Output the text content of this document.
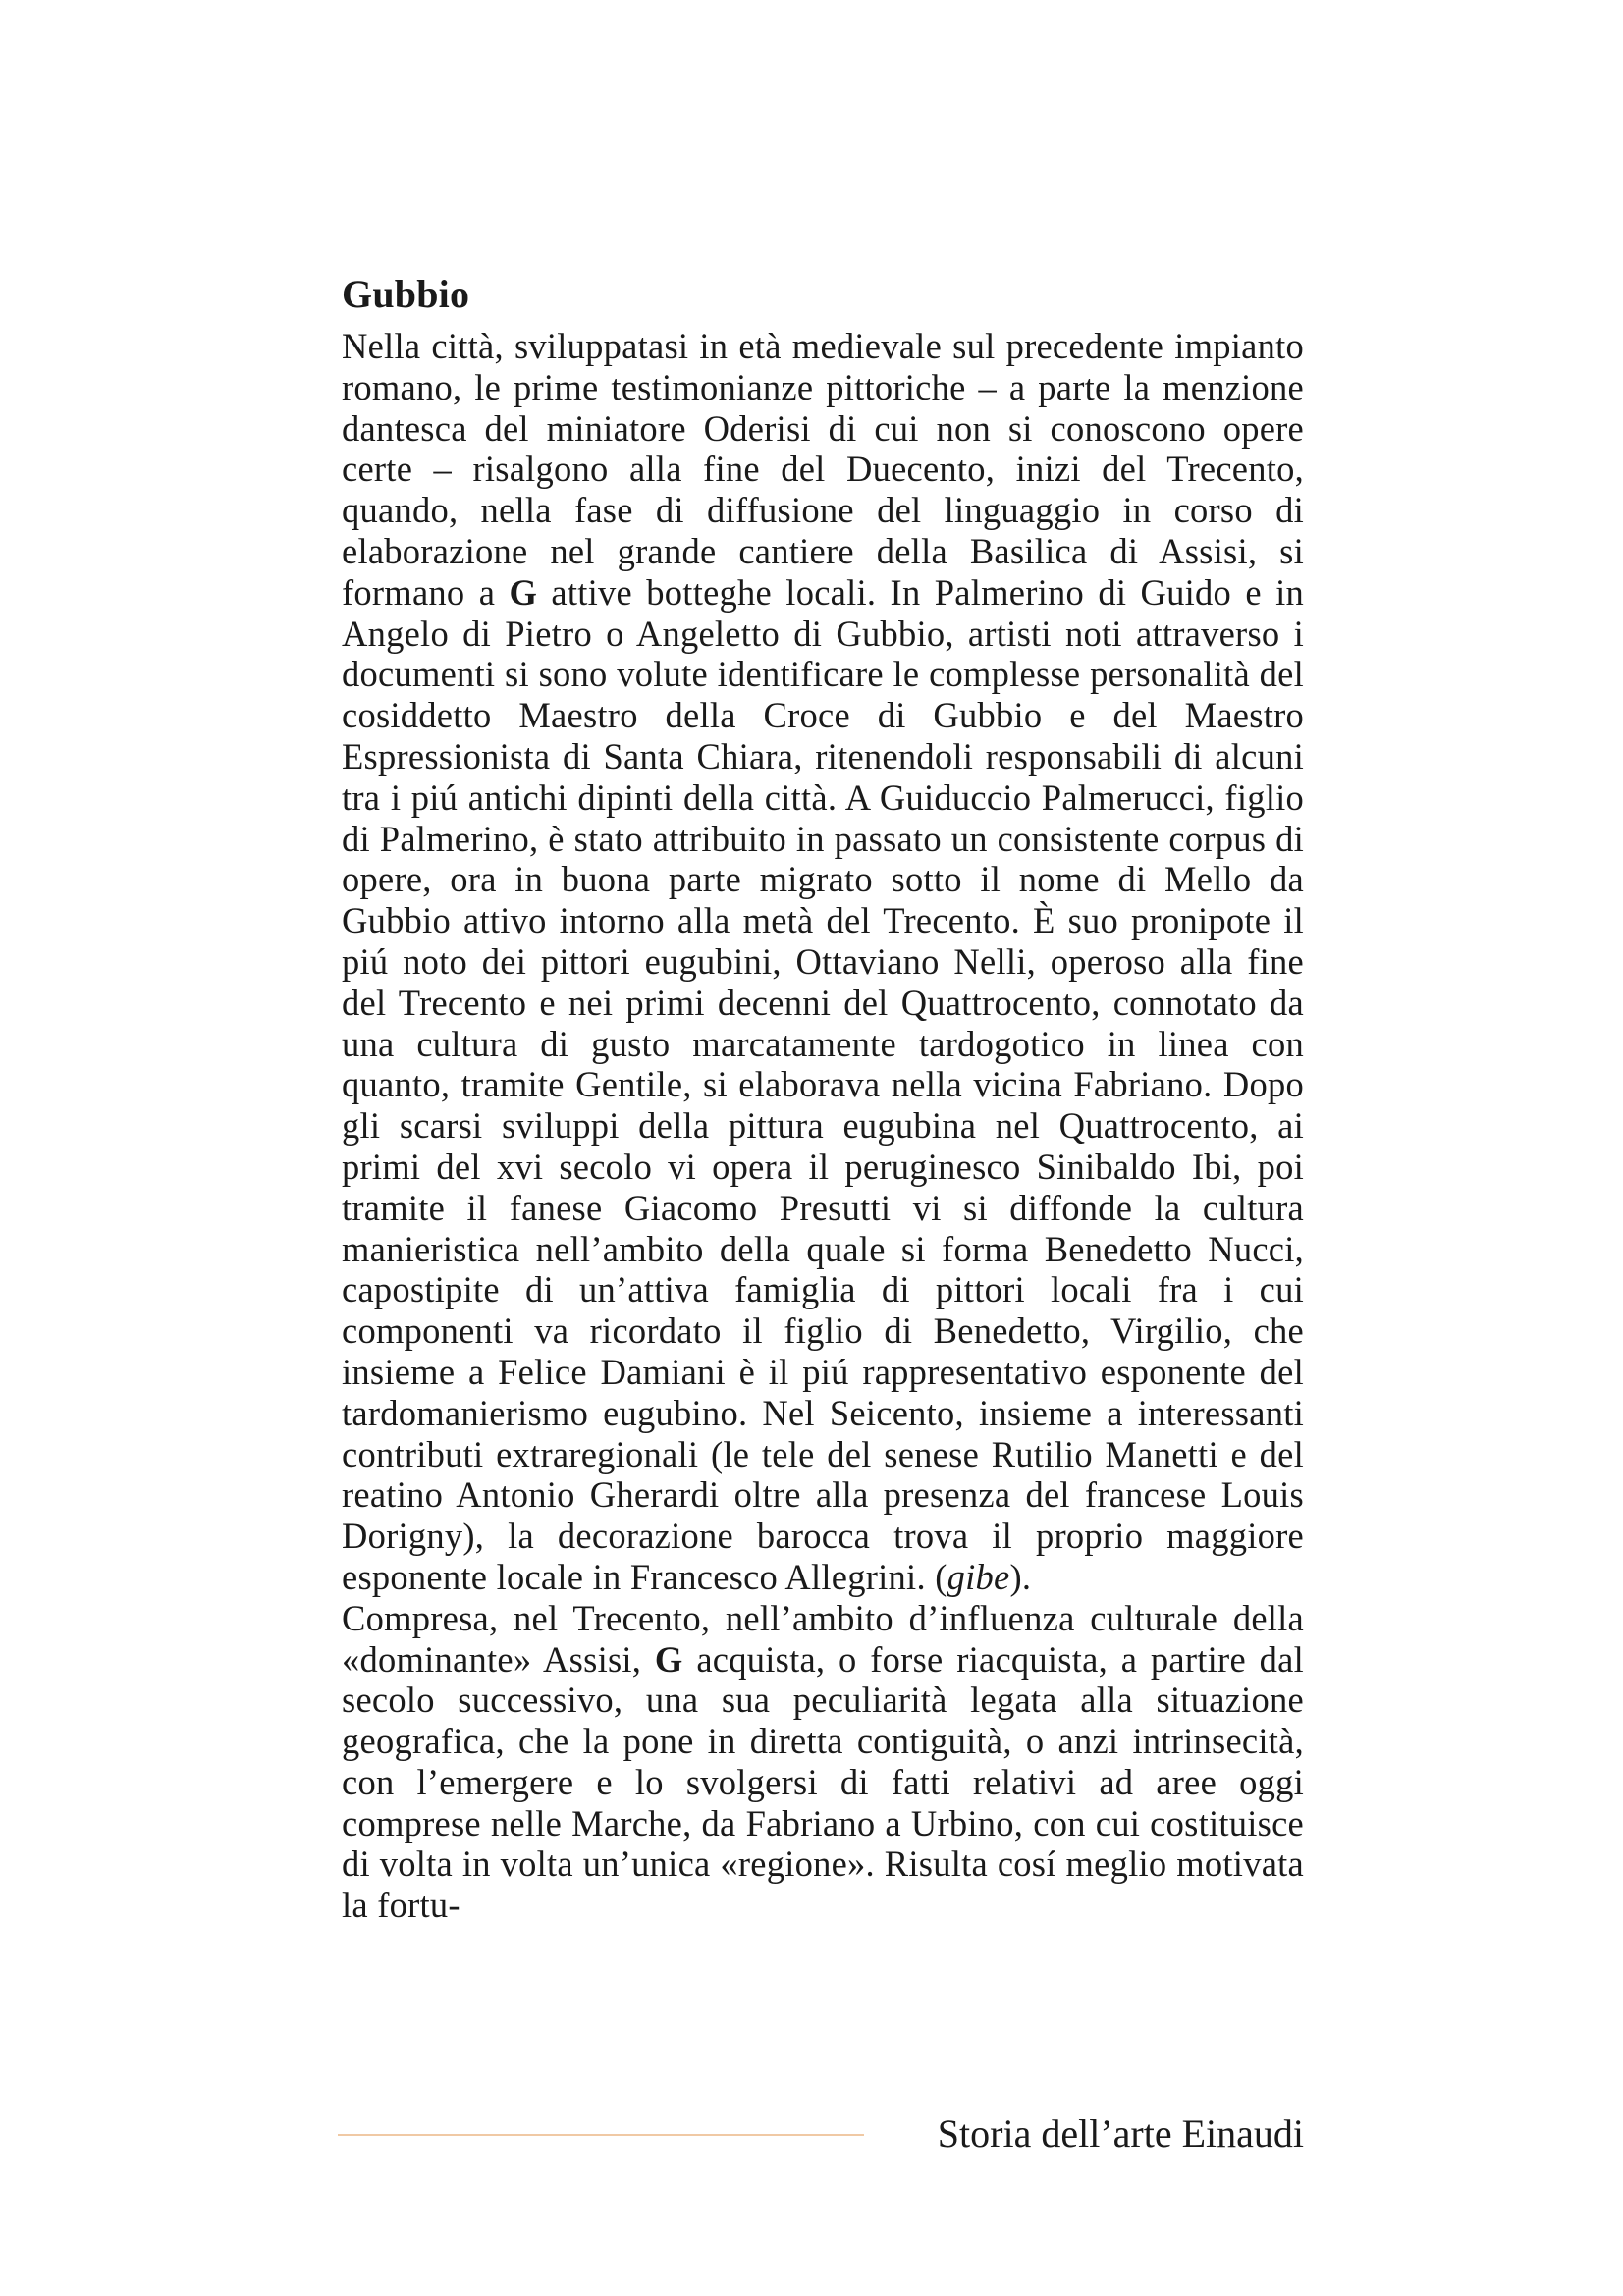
Gubbio

Nella città, sviluppatasi in età medievale sul precedente impianto romano, le prime testimonianze pittoriche – a parte la menzione dantesca del miniatore Oderisi di cui non si conoscono opere certe – risalgono alla fine del Duecento, inizi del Trecento, quando, nella fase di diffusione del linguaggio in corso di elaborazione nel grande cantiere della Basilica di Assisi, si formano a G attive botteghe locali. In Palmerino di Guido e in Angelo di Pietro o Angeletto di Gubbio, artisti noti attraverso i documenti si sono volute identificare le complesse personalità del cosiddetto Maestro della Croce di Gubbio e del Maestro Espressionista di Santa Chiara, ritenendoli responsabili di alcuni tra i piú antichi dipinti della città. A Guiduccio Palmerucci, figlio di Palmerino, è stato attribuito in passato un consistente corpus di opere, ora in buona parte migrato sotto il nome di Mello da Gubbio attivo intorno alla metà del Trecento. È suo pronipote il piú noto dei pittori eugubini, Ottaviano Nelli, operoso alla fine del Trecento e nei primi decenni del Quattrocento, connotato da una cultura di gusto marcatamente tardogotico in linea con quanto, tramite Gentile, si elaborava nella vicina Fabriano. Dopo gli scarsi sviluppi della pittura eugubina nel Quattrocento, ai primi del xvi secolo vi opera il peruginesco Sinibaldo Ibi, poi tramite il fanese Giacomo Presutti vi si diffonde la cultura manieristica nell’ambito della quale si forma Benedetto Nucci, capostipite di un’attiva famiglia di pittori locali fra i cui componenti va ricordato il figlio di Benedetto, Virgilio, che insieme a Felice Damiani è il piú rappresentativo esponente del tardomanierismo eugubino. Nel Seicento, insieme a interessanti contributi extraregionali (le tele del senese Rutilio Manetti e del reatino Antonio Gherardi oltre alla presenza del francese Louis Dorigny), la decorazione barocca trova il proprio maggiore esponente locale in Francesco Allegrini. (gibe).

Compresa, nel Trecento, nell’ambito d’influenza culturale della «dominante» Assisi, G acquista, o forse riacquista, a partire dal secolo successivo, una sua peculiarità legata alla situazione geografica, che la pone in diretta contiguità, o anzi intrinsecità, con l’emergere e lo svolgersi di fatti relativi ad aree oggi comprese nelle Marche, da Fabriano a Urbino, con cui costituisce di volta in volta un’unica «regione». Risulta cosí meglio motivata la fortu-

Storia dell’arte Einaudi
